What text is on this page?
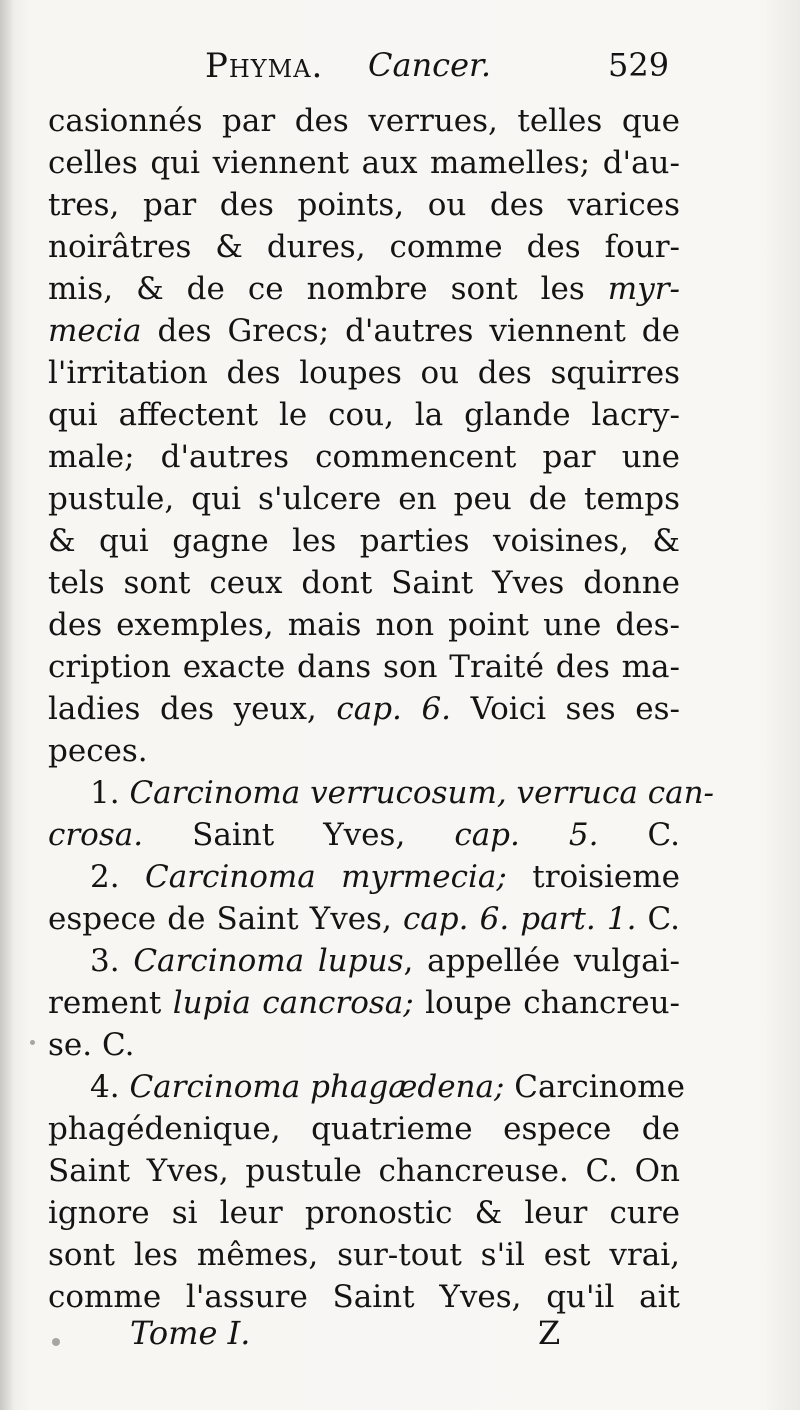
Phyma. Cancer.	529
casionnés par des verrues, telles que
celles qui viennent aux mamelles; d'au-
tres, par des points, ou des varices
noirâtres & dures, comme des four-
mis, & de ce nombre sont les myr-
mecia des Grecs; d'autres viennent de
l'irritation des loupes ou des squirres
qui affectent le cou, la glande lacry-
male; d'autres commencent par une
pustule, qui s'ulcere en peu de temps
& qui gagne les parties voisines, &
tels sont ceux dont Saint Yves donne
des exemples, mais non point une des-
cription exacte dans son Traité des ma-
ladies des yeux, cap. 6. Voici ses es-
peces.
1. Carcinoma verrucosum, verruca can-
crosa. Saint Yves, cap. 5. C.
2. Carcinoma myrmecia; troisieme
espece de Saint Yves, cap. 6. part. 1. C.
3. Carcinoma lupus, appellée vulgai-
rement lupia cancrosa; loupe chancreu-
se. C.
4. Carcinoma phagædena; Carcinome
phagédenique, quatrieme espece de
Saint Yves, pustule chancreuse. C. On
ignore si leur pronostic & leur cure
sont les mêmes, sur-tout s'il est vrai,
comme l'assure Saint Yves, qu'il ait
Tome I.	Z
